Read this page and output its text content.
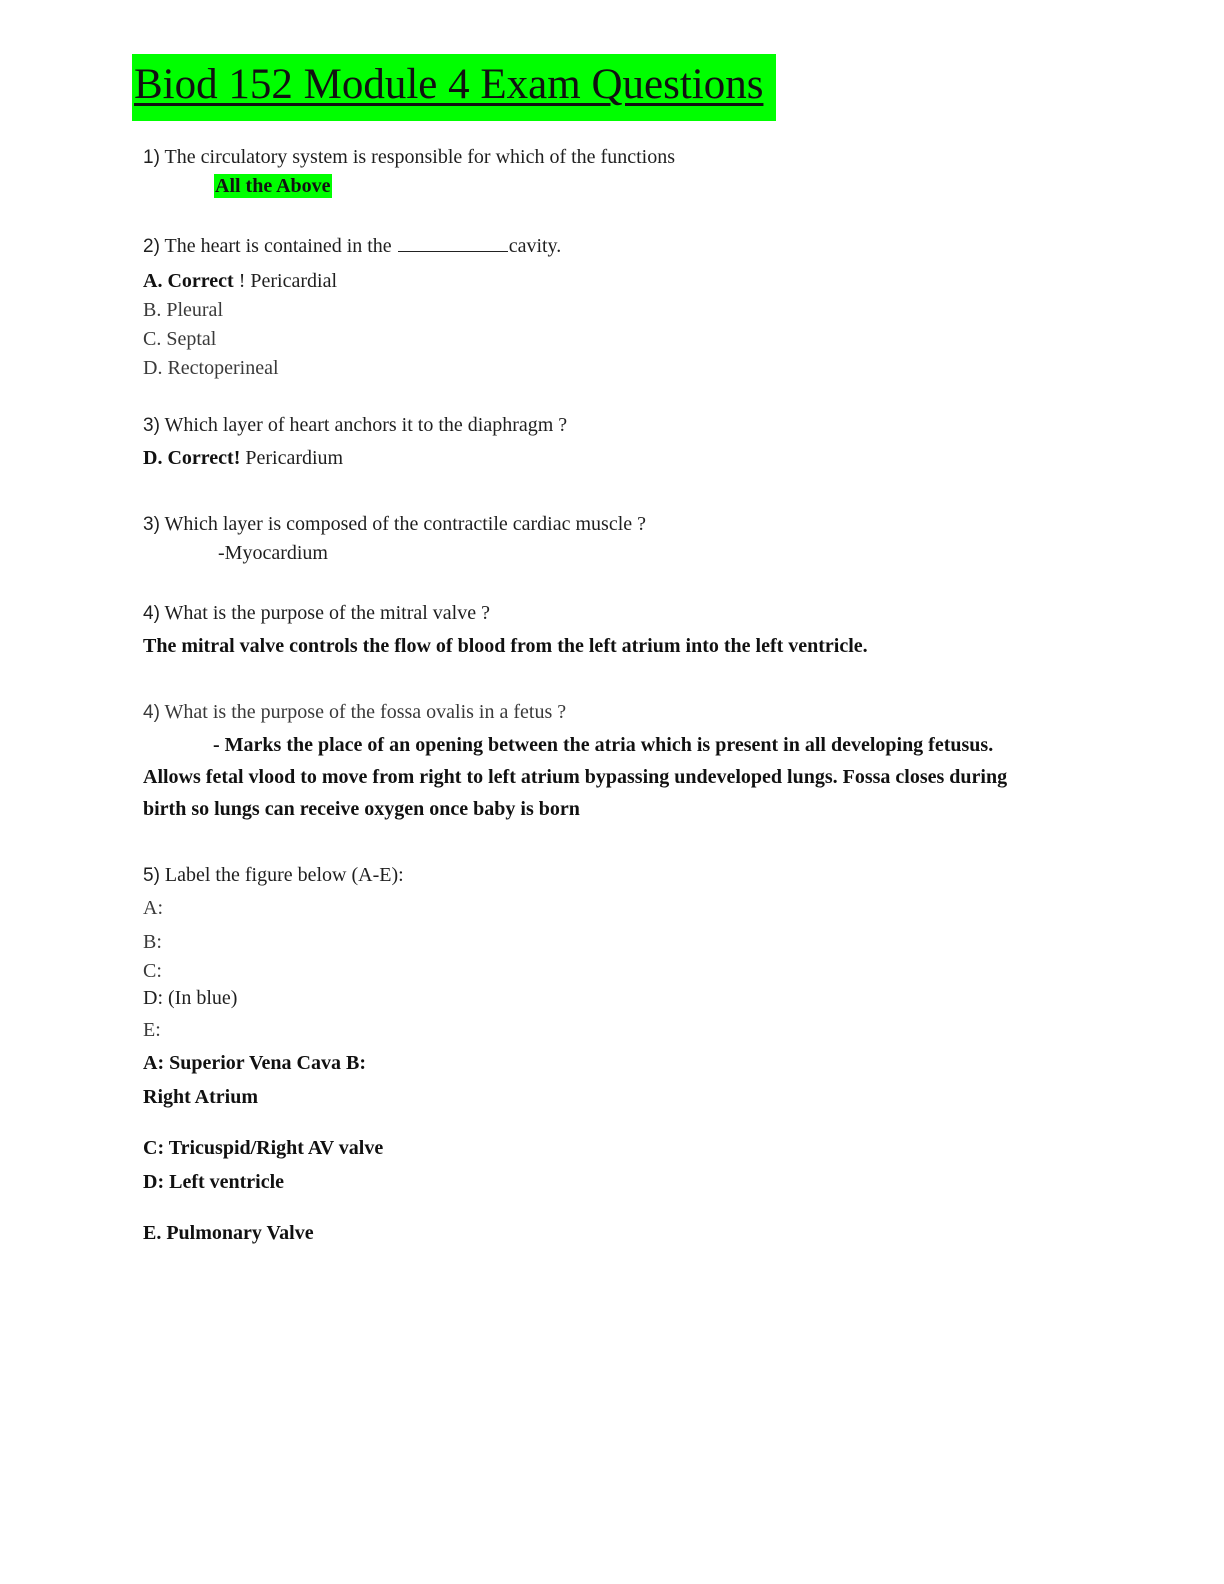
Biod 152 Module 4 Exam Questions
1) The circulatory system is responsible for which of the functions
All the Above
2) The heart is contained in the	cavity.
A. Correct ! Pericardial
B. Pleural
C. Septal
D. Rectoperineal
3) Which layer of heart anchors it to the diaphragm ?
D. Correct! Pericardium
3) Which layer is composed of the contractile cardiac muscle ?
-Myocardium
4) What is the purpose of the mitral valve ?
The mitral valve controls the flow of blood from the left atrium into the left ventricle.
4) What is the purpose of the fossa ovalis in a fetus ?
- Marks the place of an opening between the atria which is present in all developing fetusus.
Allows fetal vlood to move from right to left atrium bypassing undeveloped lungs. Fossa closes during
birth so lungs can receive oxygen once baby is born
5) Label the figure below (A-E):
A:
B:
C:
D: (In blue)
E:
A: Superior Vena Cava B:
Right Atrium
C: Tricuspid/Right AV valve
D: Left ventricle
E. Pulmonary Valve
